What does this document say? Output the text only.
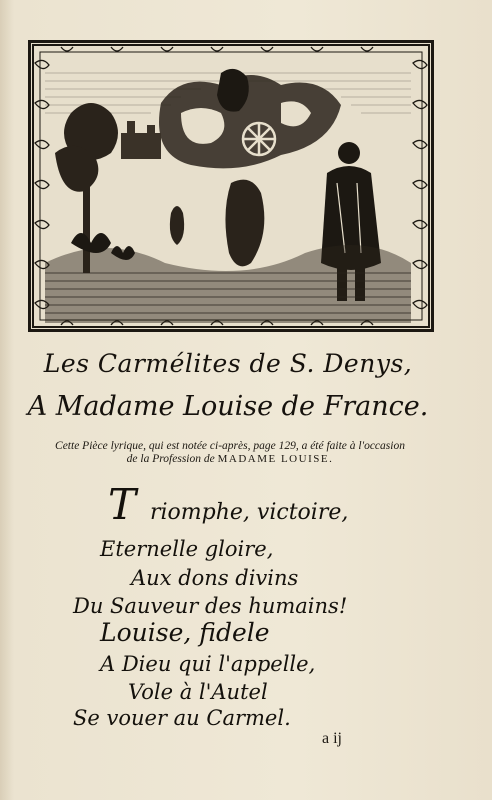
Les Carmélites de S. Denys,
A Madame Louise de France.
Cette Pièce lyrique, qui est notée ci-après, page 129, a été faite à l'occasion
de la Profession de MADAME LOUISE.
T riomphe, victoire,
Eternelle gloire,
Aux dons divins
Du Sauveur des humains!
Louise, fidele
A Dieu qui l'appelle,
Vole à l'Autel
Se vouer au Carmel.
a ij
